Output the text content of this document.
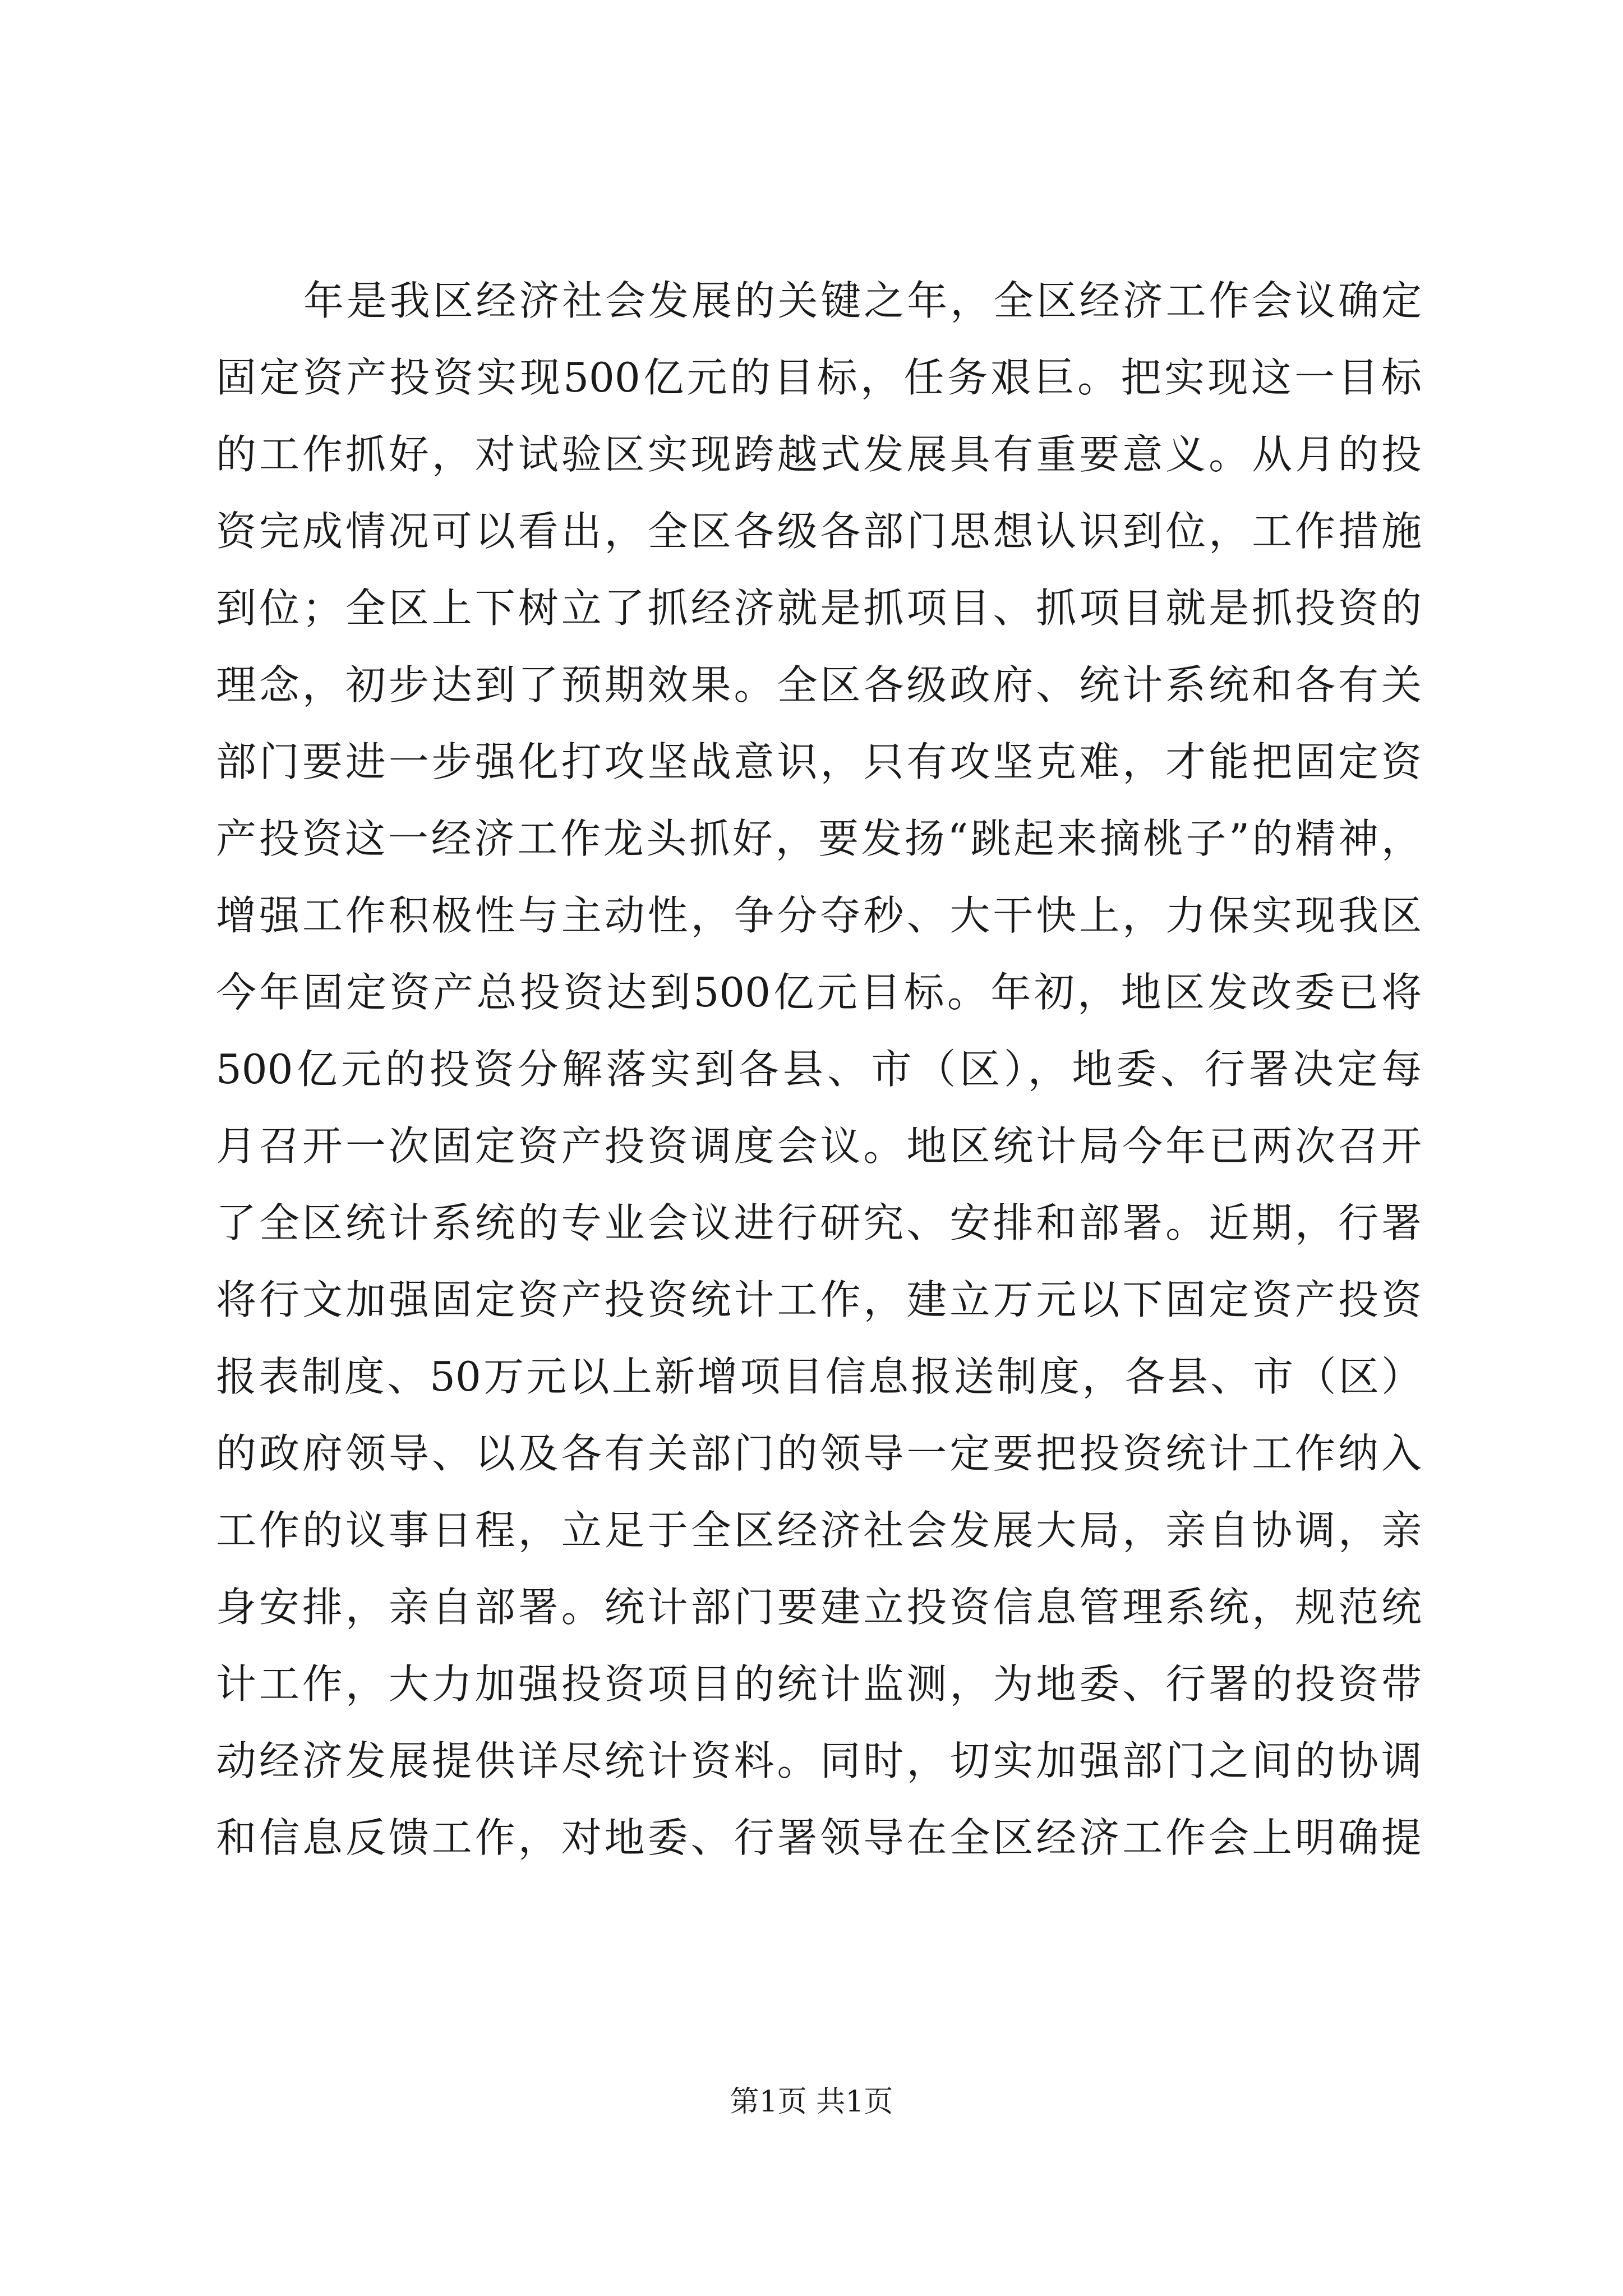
年是我区经济社会发展的关键之年，全区经济工作会议确定
固定资产投资实现500亿元的目标，任务艰巨。把实现这一目标
的工作抓好，对试验区实现跨越式发展具有重要意义。从月的投
资完成情况可以看出，全区各级各部门思想认识到位，工作措施
到位；全区上下树立了抓经济就是抓项目、抓项目就是抓投资的
理念，初步达到了预期效果。全区各级政府、统计系统和各有关
部门要进一步强化打攻坚战意识，只有攻坚克难，才能把固定资
产投资这一经济工作龙头抓好，要发扬“跳起来摘桃子”的精神，
增强工作积极性与主动性，争分夺秒、大干快上，力保实现我区
今年固定资产总投资达到500亿元目标。年初，地区发改委已将
500亿元的投资分解落实到各县、市（区），地委、行署决定每
月召开一次固定资产投资调度会议。地区统计局今年已两次召开
了全区统计系统的专业会议进行研究、安排和部署。近期，行署
将行文加强固定资产投资统计工作，建立万元以下固定资产投资
报表制度、50万元以上新增项目信息报送制度，各县、市（区）
的政府领导、以及各有关部门的领导一定要把投资统计工作纳入
工作的议事日程，立足于全区经济社会发展大局，亲自协调，亲
身安排，亲自部署。统计部门要建立投资信息管理系统，规范统
计工作，大力加强投资项目的统计监测，为地委、行署的投资带
动经济发展提供详尽统计资料。同时，切实加强部门之间的协调
和信息反馈工作，对地委、行署领导在全区经济工作会上明确提
第1页 共1页
